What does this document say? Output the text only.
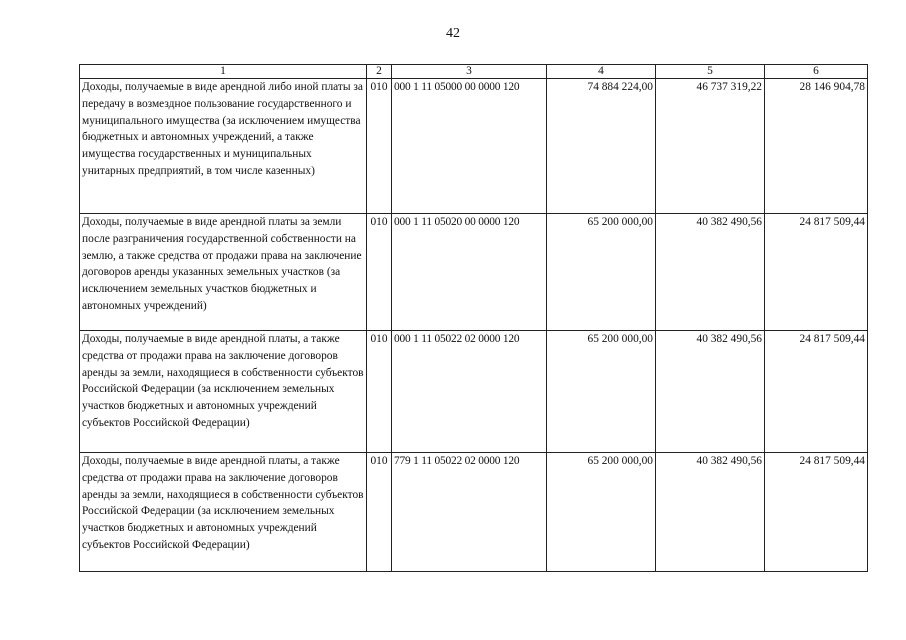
42
1	2	3	4	5	6
Доходы, получаемые в виде арендной либо иной платы за передачу в возмездное пользование государственного и муниципального имущества (за исключением имущества бюджетных и автономных учреждений, а также имущества государственных и муниципальных унитарных предприятий, в том числе казенных)	010	000 1 11 05000 00 0000 120	74 884 224,00	46 737 319,22	28 146 904,78
Доходы, получаемые в виде арендной платы за земли после разграничения государственной собственности на землю, а также средства от продажи права на заключение договоров аренды указанных земельных участков (за исключением земельных участков бюджетных и автономных учреждений)	010	000 1 11 05020 00 0000 120	65 200 000,00	40 382 490,56	24 817 509,44
Доходы, получаемые в виде арендной платы, а также средства от продажи права на заключение договоров аренды за земли, находящиеся в собственности субъектов Российской Федерации (за исключением земельных участков бюджетных и автономных учреждений субъектов Российской Федерации)	010	000 1 11 05022 02 0000 120	65 200 000,00	40 382 490,56	24 817 509,44
Доходы, получаемые в виде арендной платы, а также средства от продажи права на заключение договоров аренды за земли, находящиеся в собственности субъектов Российской Федерации (за исключением земельных участков бюджетных и автономных учреждений субъектов Российской Федерации)	010	779 1 11 05022 02 0000 120	65 200 000,00	40 382 490,56	24 817 509,44
